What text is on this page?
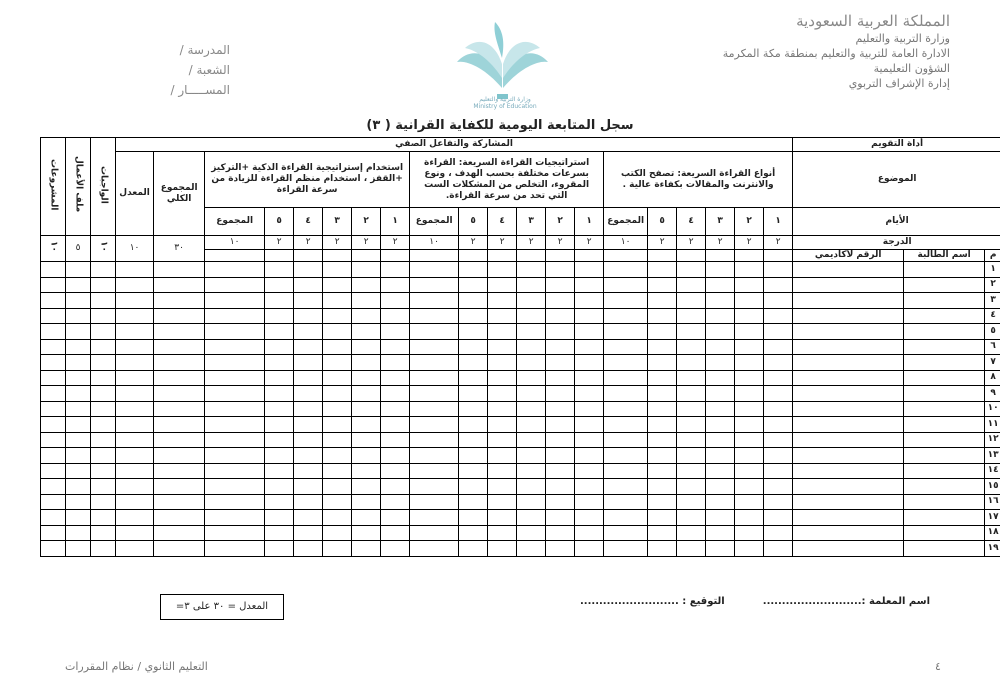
المملكة العربية السعودية
وزارة التربية والتعليم
الادارة العامة للتربية والتعليم بمنطقة مكة المكرمة
الشؤون التعليمية
إدارة الإشراف التربوي
المدرسة /
الشعبة /
المســـــار /
وزارة التربية والتعليم
Ministry of Education
سجل المتابعة اليومية للكفاية القرانية ( ٣)
أداة التقويم			المشاركة والتفاعل الصفي																				الواجبات	ملف الأعمال	المشروعات
الموضوع			أنواع القراءة السريعة: تصفح الكتب والانترنت والمقالات بكفاءة عالية .						استراتيجيات القراءة السريعة: القراءة بسرعات مختلفة بحسب الهدف ، ونوع المقروء، التخلص من المشكلات الست التي تحد من سرعة القراءة.						استخدام إستراتيجية القراءة الذكية +التركيز +القفز ، استخدام منظم القراءة للزيادة من سرعة القراءة						المجموع الكلي	المعدل			
الأيام			١	٢	٣	٤	٥	المجموع	١	٢	٣	٤	٥	المجموع	١	٢	٣	٤	٥	المجموع					
الدرجة			٢	٢	٢	٢	٢	١٠	٢	٢	٢	٢	٢	١٠	٢	٢	٢	٢	٢	١٠	٣٠	١٠	١٠	٥	١٠
م	اسم الطالبة	الرقم لأكاديمي																							
١																									
٢																									
٣																									
٤																									
٥																									
٦																									
٧																									
٨																									
٩																									
١٠																									
١١																									
١٢																									
١٣																									
١٤																									
١٥																									
١٦																									
١٧																									
١٨																									
١٩																									
اسم المعلمة :..........................
التوقيع : ..........................
المعدل = ٣٠ على ٣=
٤
التعليم الثانوي / نظام المقررات
